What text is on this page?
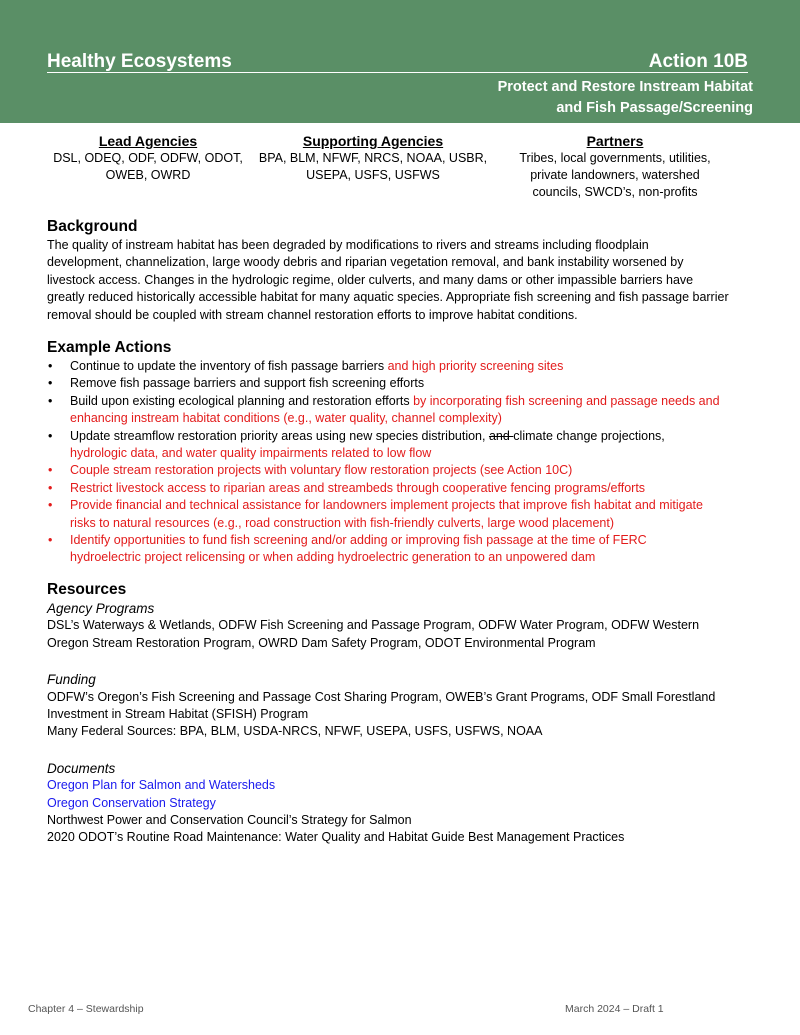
Healthy Ecosystems	Action 10B
Protect and Restore Instream Habitat
and Fish Passage/Screening
Lead Agencies
DSL, ODEQ, ODF, ODFW, ODOT,
OWEB, OWRD
Supporting Agencies
BPA, BLM, NFWF, NRCS, NOAA, USBR,
USEPA, USFS, USFWS
Partners
Tribes, local governments, utilities,
private landowners, watershed
councils, SWCD’s, non-profits
Background
The quality of instream habitat has been degraded by modifications to rivers and streams including floodplain
development, channelization, large woody debris and riparian vegetation removal, and bank instability worsened by
livestock access. Changes in the hydrologic regime, older culverts, and many dams or other impassible barriers have
greatly reduced historically accessible habitat for many aquatic species. Appropriate fish screening and fish passage barrier
removal should be coupled with stream channel restoration efforts to improve habitat conditions.
Example Actions
• Continue to update the inventory of fish passage barriers and high priority screening sites
• Remove fish passage barriers and support fish screening efforts
• Build upon existing ecological planning and restoration efforts by incorporating fish screening and passage needs and
enhancing instream habitat conditions (e.g., water quality, channel complexity)
• Update streamflow restoration priority areas using new species distribution, and climate change projections,
hydrologic data, and water quality impairments related to low flow
• Couple stream restoration projects with voluntary flow restoration projects (see Action 10C)
• Restrict livestock access to riparian areas and streambeds through cooperative fencing programs/efforts
• Provide financial and technical assistance for landowners implement projects that improve fish habitat and mitigate
risks to natural resources (e.g., road construction with fish-friendly culverts, large wood placement)
• Identify opportunities to fund fish screening and/or adding or improving fish passage at the time of FERC
hydroelectric project relicensing or when adding hydroelectric generation to an unpowered dam
Resources
Agency Programs
DSL’s Waterways & Wetlands, ODFW Fish Screening and Passage Program, ODFW Water Program, ODFW Western
Oregon Stream Restoration Program, OWRD Dam Safety Program, ODOT Environmental Program
Funding
ODFW’s Oregon’s Fish Screening and Passage Cost Sharing Program, OWEB’s Grant Programs, ODF Small Forestland
Investment in Stream Habitat (SFISH) Program
Many Federal Sources: BPA, BLM, USDA-NRCS, NFWF, USEPA, USFS, USFWS, NOAA
Documents
Oregon Plan for Salmon and Watersheds
Oregon Conservation Strategy
Northwest Power and Conservation Council’s Strategy for Salmon
2020 ODOT’s Routine Road Maintenance: Water Quality and Habitat Guide Best Management Practices
Chapter 4 – Stewardship	March 2024 – Draft 1
